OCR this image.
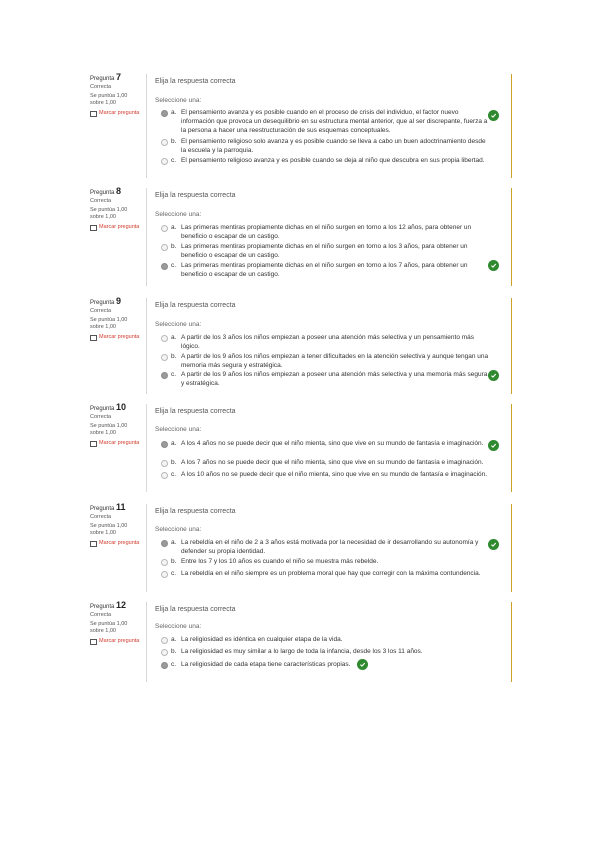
Pregunta 7
Correcta
Se puntúa 1,00 sobre 1,00
Marcar pregunta
Elija la respuesta correcta
Seleccione una:
a. El pensamiento avanza y es posible cuando en el proceso de crisis del individuo, el factor nuevo información que provoca un desequilibrio en su estructura mental anterior, que al ser discrepante, fuerza a la persona a hacer una reestructuración de sus esquemas conceptuales.
b. El pensamiento religioso solo avanza y es posible cuando se lleva a cabo un buen adoctrinamiento desde la escuela y la parroquia.
c. El pensamiento religioso avanza y es posible cuando se deja al niño que descubra en sus propia libertad.
Pregunta 8
Correcta
Se puntúa 1,00 sobre 1,00
Marcar pregunta
Elija la respuesta correcta
Seleccione una:
a. Las primeras mentiras propiamente dichas en el niño surgen en torno a los 12 años, para obtener un beneficio o escapar de un castigo.
b. Las primeras mentiras propiamente dichas en el niño surgen en torno a los 3 años, para obtener un beneficio o escapar de un castigo.
c. Las primeras mentiras propiamente dichas en el niño surgen en torno a los 7 años, para obtener un beneficio o escapar de un castigo.
Pregunta 9
Correcta
Se puntúa 1,00 sobre 1,00
Marcar pregunta
Elija la respuesta correcta
Seleccione una:
a. A partir de los 3 años los niños empiezan a poseer una atención más selectiva y un pensamiento más lógico.
b. A partir de los 9 años los niños empiezan a tener dificultades en la atención selectiva y aunque tengan una memoria más segura y estratégica.
c. A partir de los 9 años los niños empiezan a poseer una atención más selectiva y una memoria más segura y estratégica.
Pregunta 10
Correcta
Se puntúa 1,00 sobre 1,00
Marcar pregunta
Elija la respuesta correcta
Seleccione una:
a. A los 4 años no se puede decir que el niño mienta, sino que vive en su mundo de fantasía e imaginación.
b. A los 7 años no se puede decir que el niño mienta, sino que vive en su mundo de fantasía e imaginación.
c. A los 10 años no se puede decir que el niño mienta, sino que vive en su mundo de fantasía e imaginación.
Pregunta 11
Correcta
Se puntúa 1,00 sobre 1,00
Marcar pregunta
Elija la respuesta correcta
Seleccione una:
a. La rebeldía en el niño de 2 a 3 años está motivada por la necesidad de ir desarrollando su autonomía y defender su propia identidad.
b. Entre los 7 y los 10 años es cuando el niño se muestra más rebelde.
c. La rebeldía en el niño siempre es un problema moral que hay que corregir con la máxima contundencia.
Pregunta 12
Correcta
Se puntúa 1,00 sobre 1,00
Marcar pregunta
Elija la respuesta correcta
Seleccione una:
a. La religiosidad es idéntica en cualquier etapa de la vida.
b. La religiosidad es muy similar a lo largo de toda la infancia, desde los 3 los 11 años.
c. La religiosidad de cada etapa tiene características propias.
